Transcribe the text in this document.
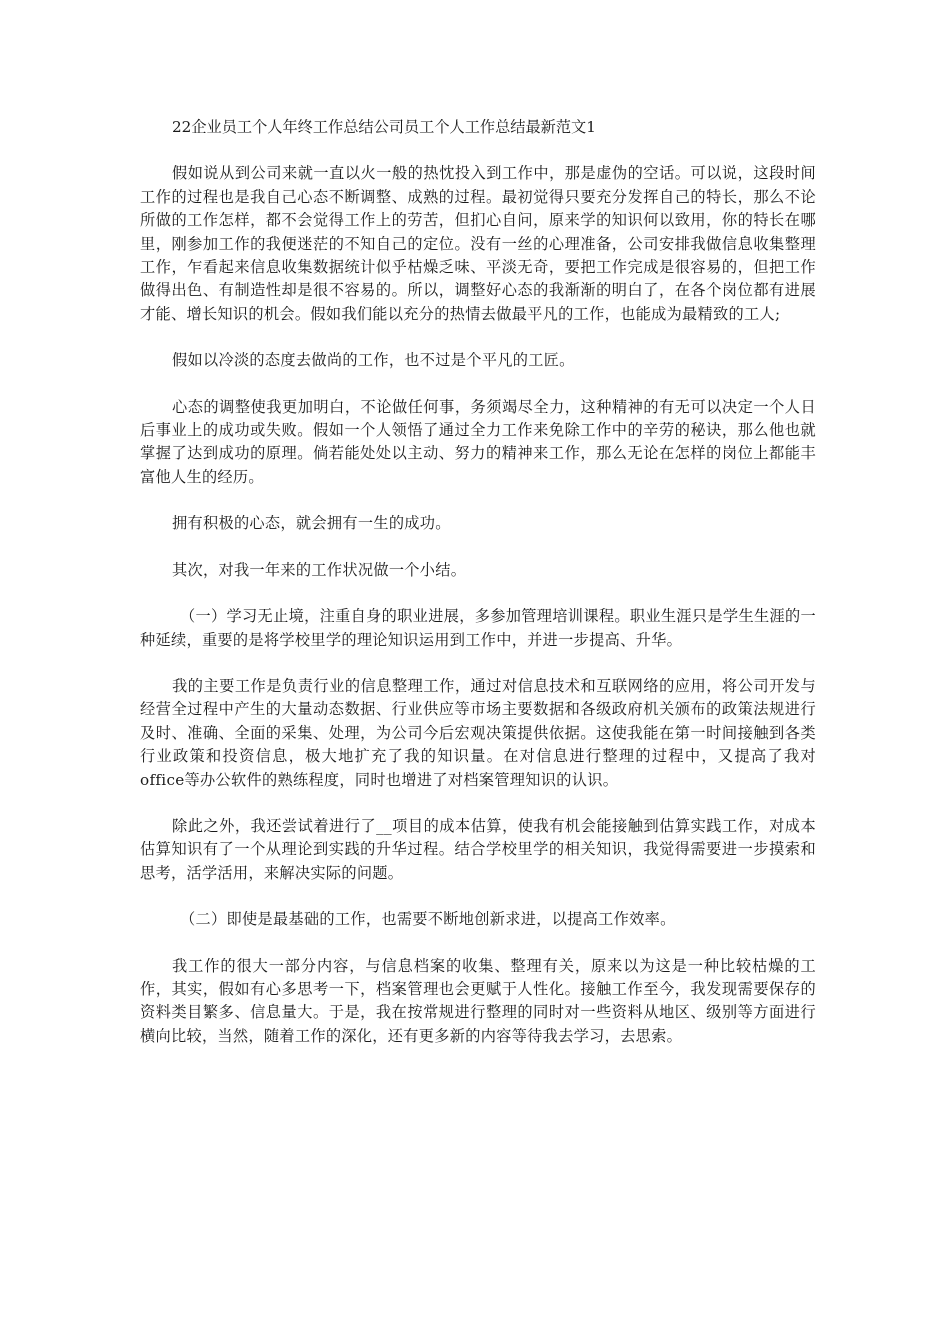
22企业员工个人年终工作总结公司员工个人工作总结最新范文1

假如说从到公司来就一直以火一般的热忱投入到工作中，那是虚伪的空话。可以说，这段时间工作的过程也是我自己心态不断调整、成熟的过程。最初觉得只要充分发挥自己的特长，那么不论所做的工作怎样，都不会觉得工作上的劳苦，但扪心自问，原来学的知识何以致用，你的特长在哪里，刚参加工作的我便迷茫的不知自己的定位。没有一丝的心理准备，公司安排我做信息收集整理工作，乍看起来信息收集数据统计似乎枯燥乏味、平淡无奇，要把工作完成是很容易的，但把工作做得出色、有制造性却是很不容易的。所以，调整好心态的我渐渐的明白了，在各个岗位都有进展才能、增长知识的机会。假如我们能以充分的热情去做最平凡的工作，也能成为最精致的工人;

假如以冷淡的态度去做尚的工作，也不过是个平凡的工匠。

心态的调整使我更加明白，不论做任何事，务须竭尽全力，这种精神的有无可以决定一个人日后事业上的成功或失败。假如一个人领悟了通过全力工作来免除工作中的辛劳的秘诀，那么他也就掌握了达到成功的原理。倘若能处处以主动、努力的精神来工作，那么无论在怎样的岗位上都能丰富他人生的经历。

拥有积极的心态，就会拥有一生的成功。

其次，对我一年来的工作状况做一个小结。

（一）学习无止境，注重自身的职业进展，多参加管理培训课程。职业生涯只是学生生涯的一种延续，重要的是将学校里学的理论知识运用到工作中，并进一步提高、升华。

我的主要工作是负责行业的信息整理工作，通过对信息技术和互联网络的应用，将公司开发与经营全过程中产生的大量动态数据、行业供应等市场主要数据和各级政府机关颁布的政策法规进行及时、准确、全面的采集、处理，为公司今后宏观决策提供依据。这使我能在第一时间接触到各类行业政策和投资信息，极大地扩充了我的知识量。在对信息进行整理的过程中，又提高了我对office等办公软件的熟练程度，同时也增进了对档案管理知识的认识。

除此之外，我还尝试着进行了__项目的成本估算，使我有机会能接触到估算实践工作，对成本估算知识有了一个从理论到实践的升华过程。结合学校里学的相关知识，我觉得需要进一步摸索和思考，活学活用，来解决实际的问题。

（二）即使是最基础的工作，也需要不断地创新求进，以提高工作效率。

我工作的很大一部分内容，与信息档案的收集、整理有关，原来以为这是一种比较枯燥的工作，其实，假如有心多思考一下，档案管理也会更赋于人性化。接触工作至今，我发现需要保存的资料类目繁多、信息量大。于是，我在按常规进行整理的同时对一些资料从地区、级别等方面进行横向比较，当然，随着工作的深化，还有更多新的内容等待我去学习，去思索。
